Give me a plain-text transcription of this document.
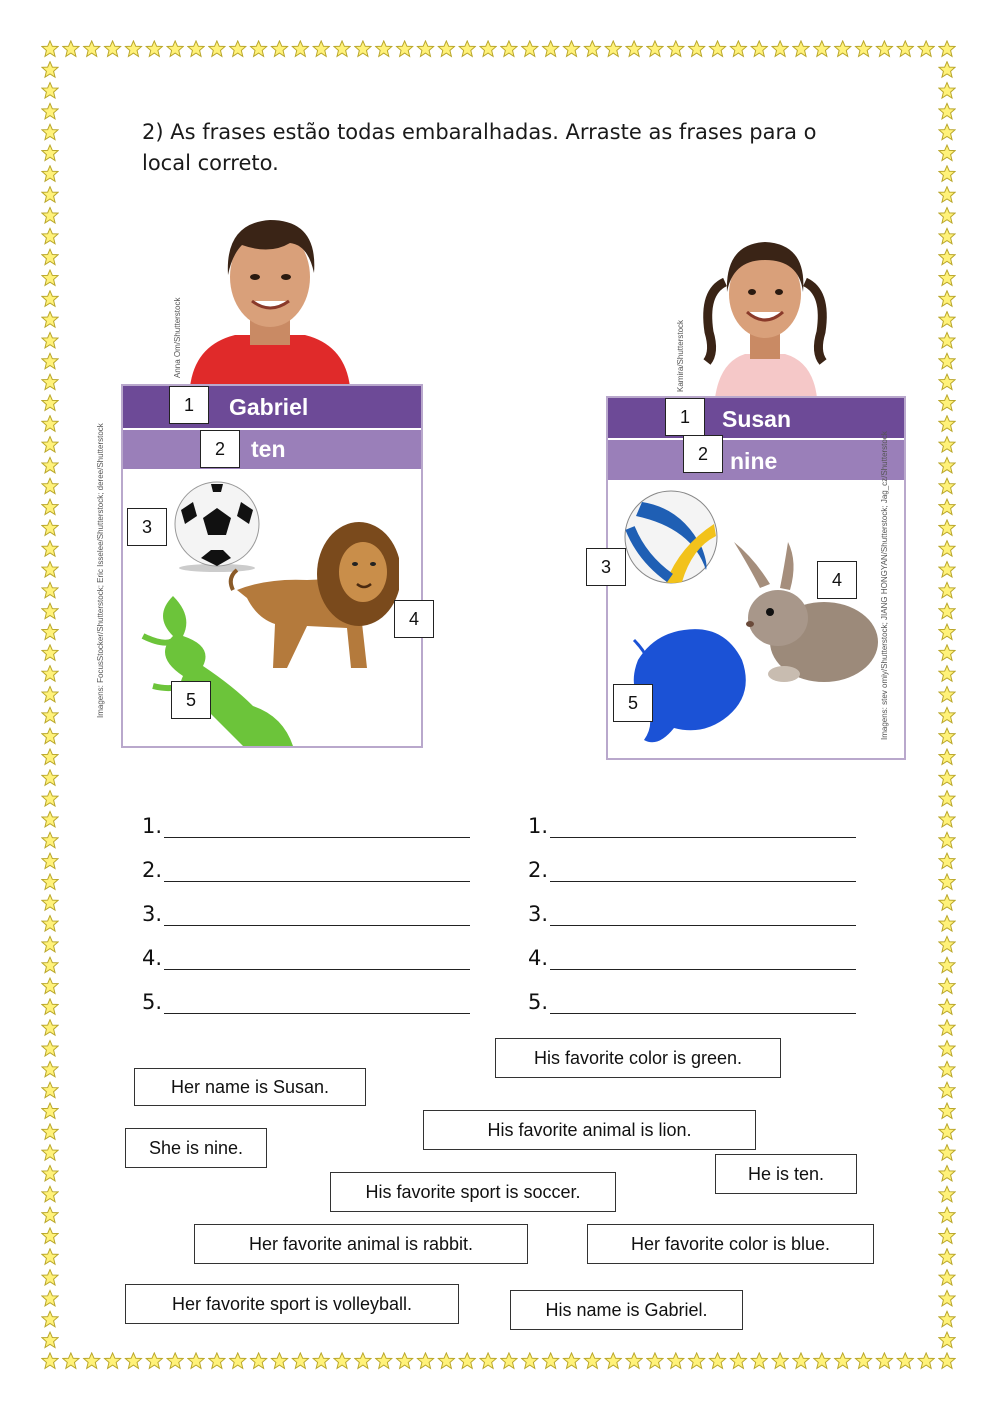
2) As frases estão todas embaralhadas. Arraste as frases para o local correto.
Anna Om/Shutterstock
Gabriel
ten
Imagens: FocusStocker/Shutterstock; Eric Isselee/Shutterstock; deree/Shutterstock
1
2
3
4
5
Kamira/Shutterstock
Susan
nine	Imagens: stev omiy/Shutterstock; JIANG HONGYAN/Shutterstock; Jag_cz/Shutterstock
1
2
3
4
5
1.
2.
3.
4.
5.
1.
2.
3.
4.
5.
His favorite color is green.
Her name is Susan.
His favorite animal is lion.
She is nine.
He is ten.
His favorite sport is soccer.
Her favorite animal is rabbit.	Her favorite color is blue.
Her favorite sport is volleyball.	His name is Gabriel.
